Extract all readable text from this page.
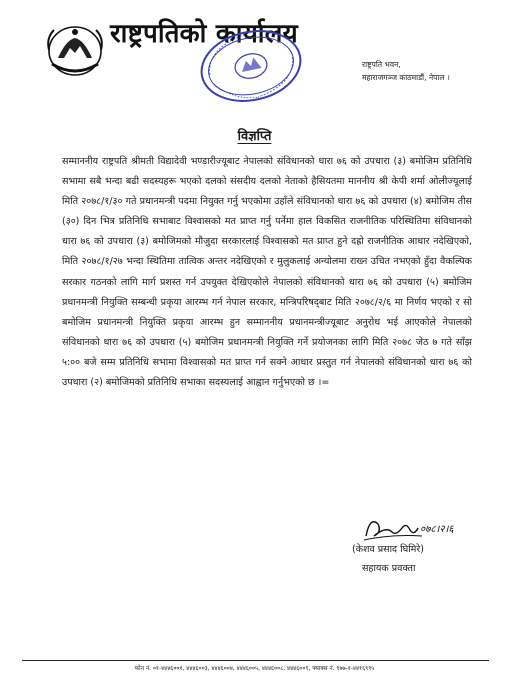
राष्ट्रपतिको कार्यालय
राष्ट्रपति भवन,
महाराजगञ्ज काठमाडौं, नेपाल ।
विज्ञप्ति
सम्माननीय राष्ट्रपति श्रीमती विद्यादेवी भण्डारीज्यूबाट नेपालको संविधानको धारा ७६ को उपधारा (३) बमोजिम प्रतिनिधि सभामा सबै भन्दा बढी सदस्यहरू भएको दलको संसदीय दलको नेताको हैसियतमा माननीय श्री केपी शर्मा ओलीज्यूलाई मिति २०७८/१/३० गते प्रधानमन्त्री पदमा नियुक्त गर्नु भएकोमा उहाँले संविधानको धारा ७६ को उपधारा (४) बमोजिम तीस (३०) दिन भित्र प्रतिनिधि सभाबाट विश्वासको मत प्राप्त गर्नु पर्नेमा हाल विकसित राजनीतिक परिस्थितिमा संविधानको धारा ७६ को उपधारा (३) बमोजिमको मौजुदा सरकारलाई विश्वासको मत प्राप्त हुने दह्रो राजनीतिक आधार नदेखिएको, मिति २०७८/१/२७ भन्दा स्थितिमा तात्विक अन्तर नदेखिएको र मुलुकलाई अन्योलमा राख्न उचित नभएको हुँदा वैकल्पिक सरकार गठनको लागि मार्ग प्रशस्त गर्न उपयुक्त देखिएकोले नेपालको संविधानको धारा ७६ को उपधारा (५) बमोजिम प्रधानमन्त्री नियुक्ति सम्बन्धी प्रकृया आरम्भ गर्न नेपाल सरकार, मन्त्रिपरिषद्‌बाट मिति २०७८/२/६ मा निर्णय भएको र सो बमोजिम प्रधानमन्त्री नियुक्ति प्रकृया आरम्भ हुन सम्माननीय प्रधानमन्त्रीज्यूबाट अनुरोध भई आएकोले नेपालको संविधानको धारा ७६ को उपधारा (५) बमोजिम प्रधानमन्त्री नियुक्ति गर्ने प्रयोजनका लागि मिति २०७८ जेठ ७ गते साँझ ५:०० बजे सम्म प्रतिनिधि सभामा विश्वासको मत प्राप्त गर्न सक्ने आधार प्रस्तुत गर्न नेपालको संविधानको धारा ७६ को उपधारा (२) बमोजिमको प्रतिनिधि सभाका सदस्यलाई आह्वान गर्नुभएको छ ।=
०७८।२।६
(केशव प्रसाद घिमिरे)
सहायक प्रवक्ता
फोन नं. ०१-४४४६००१, ४४४६००३, ४४४६००४, ४४४६००५, ४४४६००८, ४४४६००९, फ्याक्स नं. ९७७-१-४४१६९९५
